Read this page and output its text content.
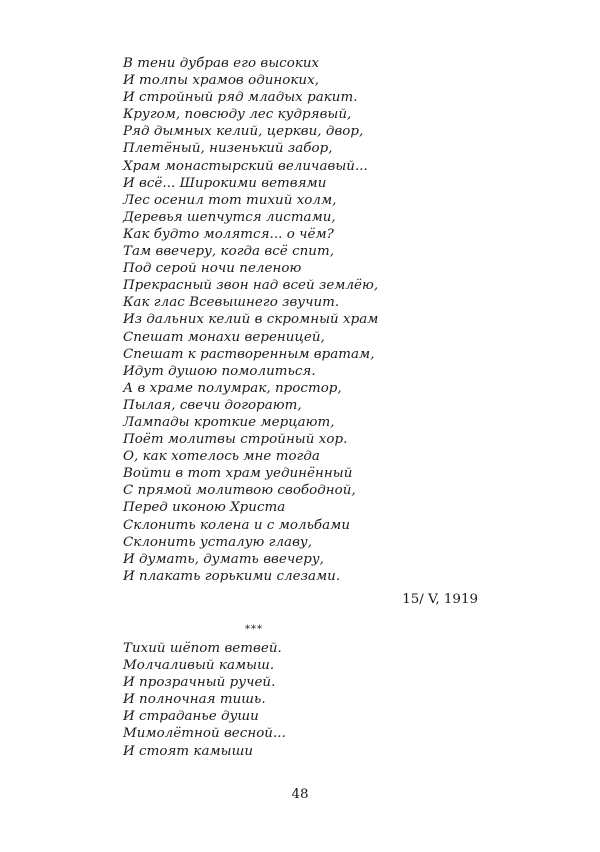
В тени дубрав его высоких
И толпы храмов одиноких,
И стройный ряд младых ракит.
Кругом, повсюду лес кудрявый,
Ряд дымных келий, церкви, двор,
Плетёный, низенький забор,
Храм монастырский величавый...
И всё... Широкими ветвями
Лес осенил тот тихий холм,
Деревья шепчутся листами,
Как будто молятся... о чём?
Там ввечеру, когда всё спит,
Под серой ночи пеленою
Прекрасный звон над всей землёю,
Как глас Всевышнего звучит.
Из дальних келий в скромный храм
Спешат монахи вереницей,
Спешат к растворенным вратам,
Идут душою помолиться.
А в храме полумрак, простор,
Пылая, свечи догорают,
Лампады кроткие мерцают,
Поёт молитвы стройный хор.
О, как хотелось мне тогда
Войти в тот храм уединённый
С прямой молитвою свободной,
Перед иконою Христа
Склонить колена и с мольбами
Склонить усталую главу,
И думать, думать ввечеру,
И плакать горькими слезами.
15/ V, 1919
***
Тихий шёпот ветвей.
Молчаливый камыш.
И прозрачный ручей.
И полночная тишь.
И страданье души
Мимолётной весной...
И стоят камыши
48
